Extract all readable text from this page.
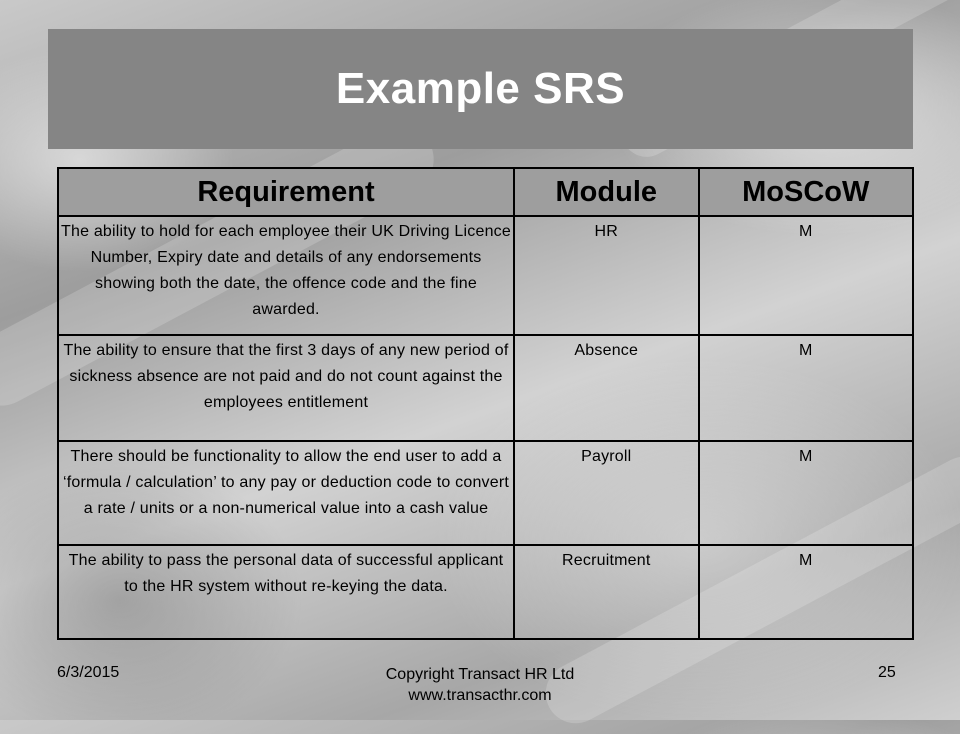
Example SRS
Requirement	Module	MoSCoW
The ability to hold for each employee their UK Driving Licence Number, Expiry date and details of any endorsements showing both the date, the offence code and the fine awarded.	HR	M
The ability to ensure that the first 3 days of any new period of sickness absence are not paid and do not count against the employees entitlement	Absence	M
There should be functionality to allow the end user to add a ‘formula / calculation’ to any pay or deduction code to convert a rate / units or a non-numerical value into a cash value	Payroll	M
The ability to pass the personal data of successful applicant to the HR system without re-keying the data.	Recruitment	M
6/3/2015	Copyright Transact HR Ltd
www.transacthr.com
25
